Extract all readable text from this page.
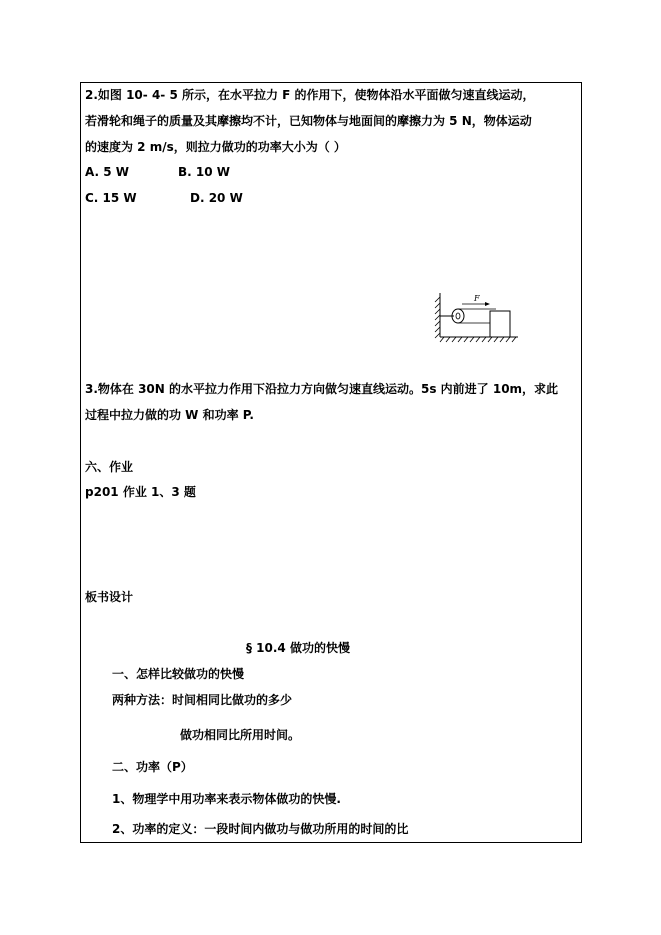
2.如图 10- 4- 5 所示，在水平拉力 F 的作用下，使物体沿水平面做匀速直线运动，
若滑轮和绳子的质量及其摩擦均不计，已知物体与地面间的摩擦力为 5 N，物体运动
的速度为 2 m/s，则拉力做功的功率大小为（ ）
A. 5 W	B. 10 W
C. 15 W	D. 20 W
F
3.物体在 30N 的水平拉力作用下沿拉力方向做匀速直线运动。5s 内前进了 10m，求此
过程中拉力做的功 W 和功率 P.
六、作业
p201 作业 1、3 题
板书设计
§ 10.4 做功的快慢
一、怎样比较做功的快慢
两种方法：时间相同比做功的多少
做功相同比所用时间。
二、功率（P）
1、物理学中用功率来表示物体做功的快慢.
2、功率的定义：一段时间内做功与做功所用的时间的比
